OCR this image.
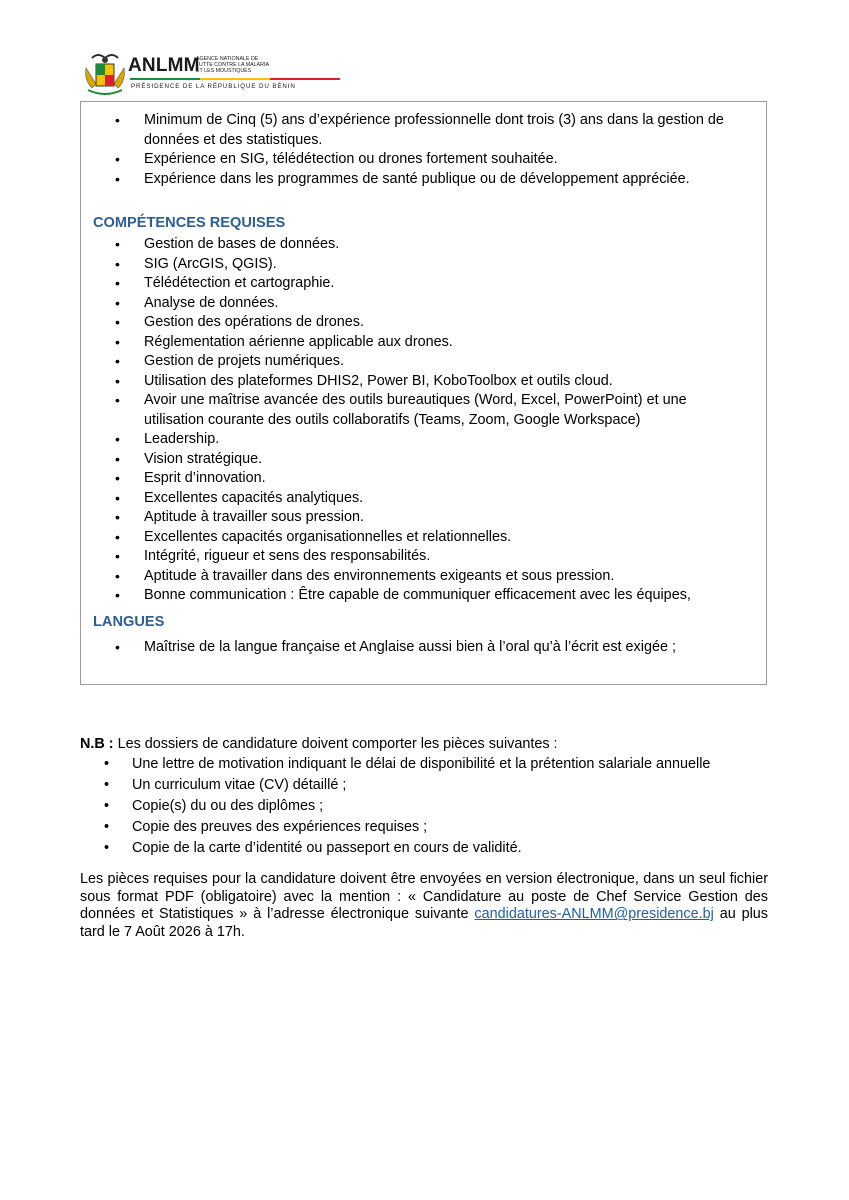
ANLMM
AGENCE NATIONALE DE LUTTE CONTRE LA MALARIA ET LES MOUSTIQUES
PRÉSIDENCE DE LA RÉPUBLIQUE DU BÉNIN
• Minimum de Cinq (5) ans d’expérience professionnelle dont trois (3) ans dans la gestion de données et des statistiques.
• Expérience en SIG, télédétection ou drones fortement souhaitée.
• Expérience dans les programmes de santé publique ou de développement appréciée.
COMPÉTENCES REQUISES
• Gestion de bases de données.
• SIG (ArcGIS, QGIS).
• Télédétection et cartographie.
• Analyse de données.
• Gestion des opérations de drones.
• Réglementation aérienne applicable aux drones.
• Gestion de projets numériques.
• Utilisation des plateformes DHIS2, Power BI, KoboToolbox et outils cloud.
• Avoir une maîtrise avancée des outils bureautiques (Word, Excel, PowerPoint) et une utilisation courante des outils collaboratifs (Teams, Zoom, Google Workspace)
• Leadership.
• Vision stratégique.
• Esprit d’innovation.
• Excellentes capacités analytiques.
• Aptitude à travailler sous pression.
• Excellentes capacités organisationnelles et relationnelles.
• Intégrité, rigueur et sens des responsabilités.
• Aptitude à travailler dans des environnements exigeants et sous pression.
• Bonne communication : Être capable de communiquer efficacement avec les équipes,
LANGUES
• Maîtrise de la langue française et Anglaise aussi bien à l’oral qu’à l’écrit est exigée ;
N.B : Les dossiers de candidature doivent comporter les pièces suivantes :
• Une lettre de motivation indiquant le délai de disponibilité et la prétention salariale annuelle
• Un curriculum vitae (CV) détaillé ;
• Copie(s) du ou des diplômes ;
• Copie des preuves des expériences requises ;
• Copie de la carte d’identité ou passeport en cours de validité.
Les pièces requises pour la candidature doivent être envoyées en version électronique, dans un seul fichier sous format PDF (obligatoire) avec la mention : « Candidature au poste de Chef Service Gestion des données et Statistiques » à l’adresse électronique suivante candidatures-ANLMM@presidence.bj au plus tard le 7 Août 2026 à 17h.
